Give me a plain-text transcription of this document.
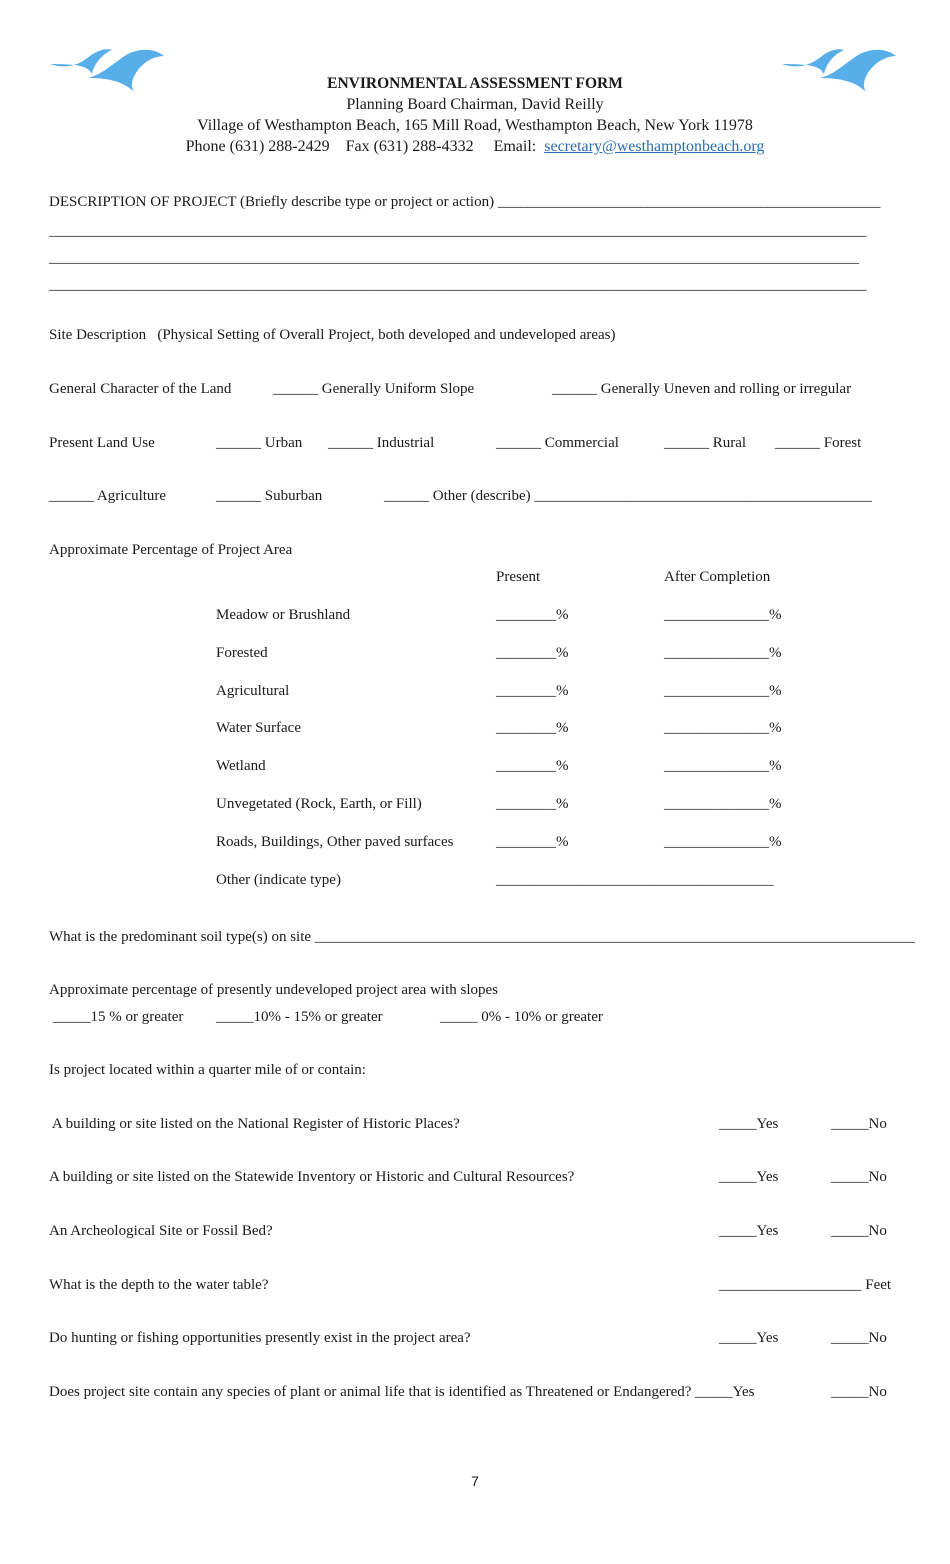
ENVIRONMENTAL ASSESSMENT FORM
Planning Board Chairman, David Reilly
Village of Westhampton Beach, 165 Mill Road, Westhampton Beach, New York 11978
Phone (631) 288-2429    Fax (631) 288-4332     Email:  secretary@westhamptonbeach.org
DESCRIPTION OF PROJECT (Briefly describe type or project or action) ___________________________________________________
_____________________________________________________________________________________________________________
____________________________________________________________________________________________________________
_____________________________________________________________________________________________________________
Site Description   (Physical Setting of Overall Project, both developed and undeveloped areas)
General Character of the Land	______ Generally Uniform Slope	______ Generally Uneven and rolling or irregular
Present Land Use	______ Urban ______ Industrial	______ Commercial	______ Rural ______ Forest
______ Agriculture	______ Suburban	______ Other (describe) _____________________________________________
Approximate Percentage of Project Area
Present	After Completion
Meadow or Brushland	________%	______________%
Forested	________%	______________%
Agricultural	________%	______________%
Water Surface	________%	______________%
Wetland	________%	______________%
Unvegetated (Rock, Earth, or Fill)	________%	______________%
Roads, Buildings, Other paved surfaces	________%	______________%
Other (indicate type)	_____________________________________
What is the predominant soil type(s) on site ________________________________________________________________________________
Approximate percentage of presently undeveloped project area with slopes
_____15 % or greater _____10% - 15% or greater	_____ 0% - 10% or greater
Is project located within a quarter mile of or contain:
A building or site listed on the National Register of Historic Places?	_____Yes	_____No
A building or site listed on the Statewide Inventory or Historic and Cultural Resources?	_____Yes	_____No
An Archeological Site or Fossil Bed?	_____Yes	_____No
What is the depth to the water table?	___________________ Feet
Do hunting or fishing opportunities presently exist in the project area?	_____Yes	_____No
Does project site contain any species of plant or animal life that is identified as Threatened or Endangered? _____Yes	_____No
7
